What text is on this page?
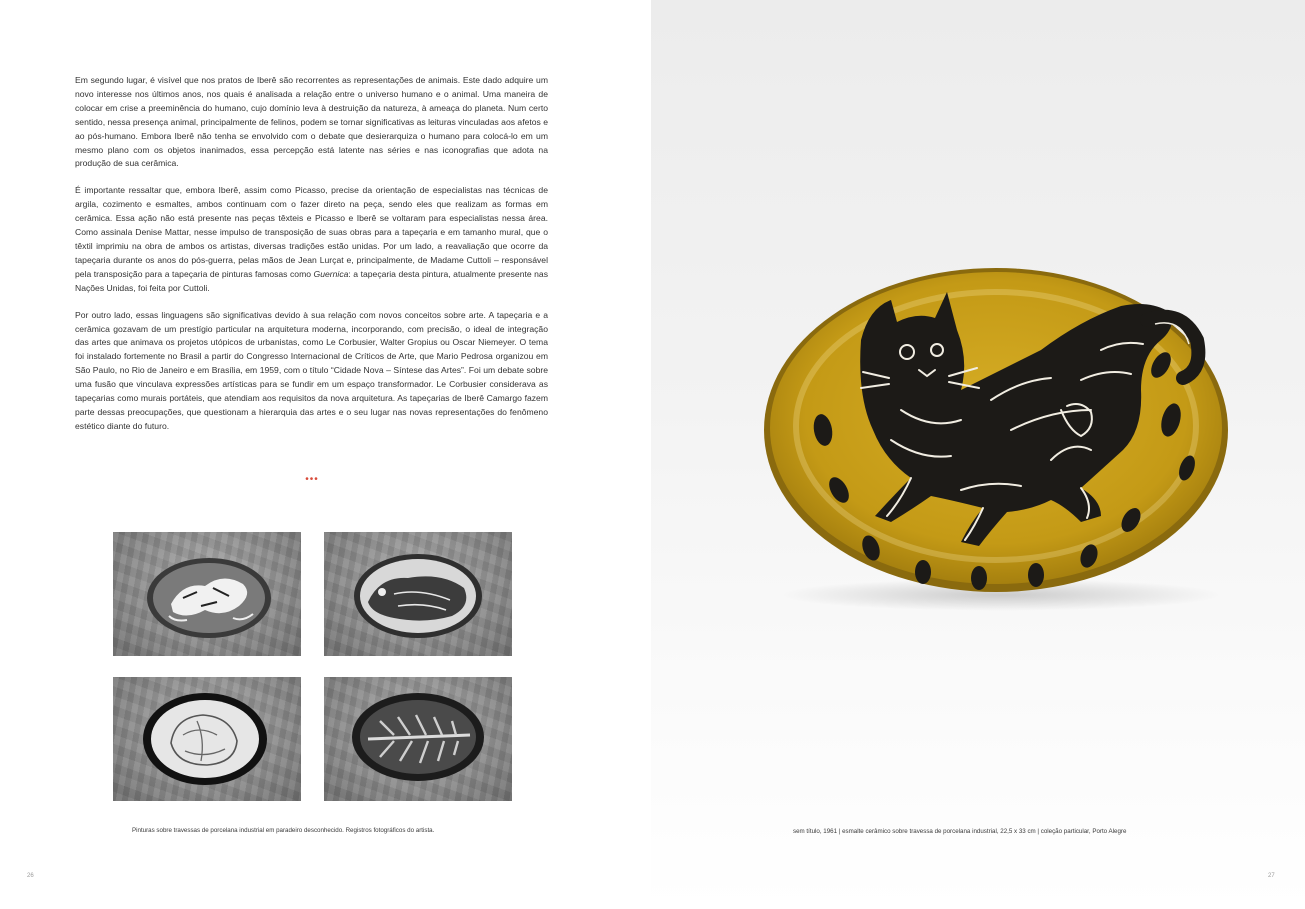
Em segundo lugar, é visível que nos pratos de Iberê são recorrentes as representações de animais. Este dado adquire um novo interesse nos últimos anos, nos quais é analisada a relação entre o universo humano e o animal. Uma maneira de colocar em crise a preeminência do humano, cujo domínio leva à destruição da natureza, à ameaça do planeta. Num certo sentido, nessa presença animal, principalmente de felinos, podem se tornar significativas as leituras vinculadas aos afetos e ao pós-humano. Embora Iberê não tenha se envolvido com o debate que desierarquiza o humano para colocá-lo em um mesmo plano com os objetos inanimados, essa percepção está latente nas séries e nas iconografias que adota na produção de sua cerâmica.

É importante ressaltar que, embora Iberê, assim como Picasso, precise da orientação de especialistas nas técnicas de argila, cozimento e esmaltes, ambos continuam com o fazer direto na peça, sendo eles que realizam as formas em cerâmica. Essa ação não está presente nas peças têxteis e Picasso e Iberê se voltaram para especialistas nessa área. Como assinala Denise Mattar, nesse impulso de transposição de suas obras para a tapeçaria e em tamanho mural, que o têxtil imprimiu na obra de ambos os artistas, diversas tradições estão unidas. Por um lado, a reavaliação que ocorre da tapeçaria durante os anos do pós-guerra, pelas mãos de Jean Lurçat e, principalmente, de Madame Cuttoli – responsável pela transposição para a tapeçaria de pinturas famosas como Guernica: a tapeçaria desta pintura, atualmente presente nas Nações Unidas, foi feita por Cuttoli.

Por outro lado, essas linguagens são significativas devido à sua relação com novos conceitos sobre arte. A tapeçaria e a cerâmica gozavam de um prestígio particular na arquitetura moderna, incorporando, com precisão, o ideal de integração das artes que animava os projetos utópicos de urbanistas, como Le Corbusier, Walter Gropius ou Oscar Niemeyer. O tema foi instalado fortemente no Brasil a partir do Congresso Internacional de Críticos de Arte, que Mario Pedrosa organizou em São Paulo, no Rio de Janeiro e em Brasília, em 1959, com o título “Cidade Nova – Síntese das Artes”. Foi um debate sobre uma fusão que vinculava expressões artísticas para se fundir em um espaço transformador. Le Corbusier considerava as tapeçarias como murais portáteis, que atendiam aos requisitos da nova arquitetura. As tapeçarias de Iberê Camargo fazem parte dessas preocupações, que questionam a hierarquia das artes e o seu lugar nas novas representações do fenômeno estético diante do futuro.

•••
Pinturas sobre travessas de porcelana industrial em paradeiro desconhecido. Registros fotográficos do artista.
26
sem título, 1961 | esmalte cerâmico sobre travessa de porcelana industrial, 22,5 x 33 cm | coleção particular, Porto Alegre
27
